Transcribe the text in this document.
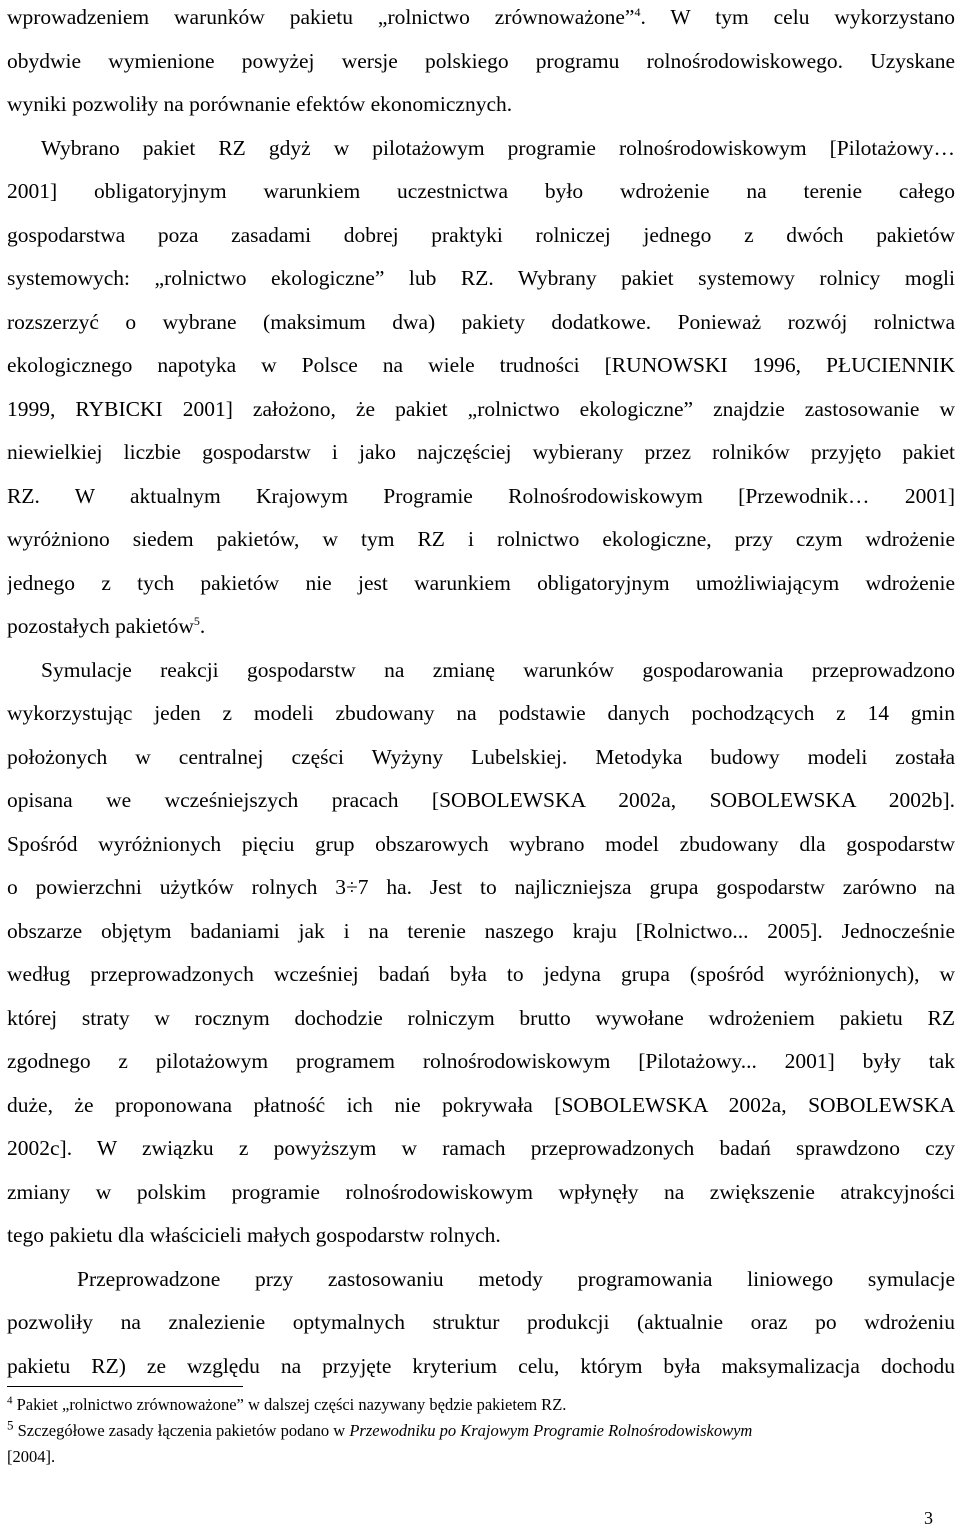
wprowadzeniem warunków pakietu „rolnictwo zrównoważone”$^4$. W tym celu wykorzystano
obydwie wymienione powyżej wersje polskiego programu rolnośrodowiskowego. Uzyskane
wyniki pozwoliły na porównanie efektów ekonomicznych.
Wybrano pakiet RZ gdyż w pilotażowym programie rolnośrodowiskowym [Pilotażowy…
2001] obligatoryjnym warunkiem uczestnictwa było wdrożenie na terenie całego
gospodarstwa poza zasadami dobrej praktyki rolniczej jednego z dwóch pakietów
systemowych: „rolnictwo ekologiczne” lub RZ. Wybrany pakiet systemowy rolnicy mogli
rozszerzyć o wybrane (maksimum dwa) pakiety dodatkowe. Ponieważ rozwój rolnictwa
ekologicznego napotyka w Polsce na wiele trudności [RUNOWSKI 1996, PŁUCIENNIK
1999, RYBICKI 2001] założono, że pakiet „rolnictwo ekologiczne” znajdzie zastosowanie w
niewielkiej liczbie gospodarstw i jako najczęściej wybierany przez rolników przyjęto pakiet
RZ. W aktualnym Krajowym Programie Rolnośrodowiskowym [Przewodnik… 2001]
wyróżniono siedem pakietów, w tym RZ i rolnictwo ekologiczne, przy czym wdrożenie
jednego z tych pakietów nie jest warunkiem obligatoryjnym umożliwiającym wdrożenie
pozostałych pakietów$^5$.
Symulacje reakcji gospodarstw na zmianę warunków gospodarowania przeprowadzono
wykorzystując jeden z modeli zbudowany na podstawie danych pochodzących z 14 gmin
położonych w centralnej części Wyżyny Lubelskiej. Metodyka budowy modeli została
opisana we wcześniejszych pracach [SOBOLEWSKA 2002a, SOBOLEWSKA 2002b].
Spośród wyróżnionych pięciu grup obszarowych wybrano model zbudowany dla gospodarstw
o powierzchni użytków rolnych 3÷7 ha. Jest to najliczniejsza grupa gospodarstw zarówno na
obszarze objętym badaniami jak i na terenie naszego kraju [Rolnictwo... 2005]. Jednocześnie
według przeprowadzonych wcześniej badań była to jedyna grupa (spośród wyróżnionych), w
której straty w rocznym dochodzie rolniczym brutto wywołane wdrożeniem pakietu RZ
zgodnego z pilotażowym programem rolnośrodowiskowym [Pilotażowy... 2001] były tak
duże, że proponowana płatność ich nie pokrywała [SOBOLEWSKA 2002a, SOBOLEWSKA
2002c]. W związku z powyższym w ramach przeprowadzonych badań sprawdzono czy
zmiany w polskim programie rolnośrodowiskowym wpłynęły na zwiększenie atrakcyjności
tego pakietu dla właścicieli małych gospodarstw rolnych.
Przeprowadzone przy zastosowaniu metody programowania liniowego symulacje
pozwoliły na znalezienie optymalnych struktur produkcji (aktualnie oraz po wdrożeniu
pakietu RZ) ze względu na przyjęte kryterium celu, którym była maksymalizacja dochodu
$^4$ Pakiet „rolnictwo zrównoważone” w dalszej części nazywany będzie pakietem RZ.
$^5$ Szczegółowe zasady łączenia pakietów podano w Przewodniku po Krajowym Programie Rolnośrodowiskowym
[2004].
3
